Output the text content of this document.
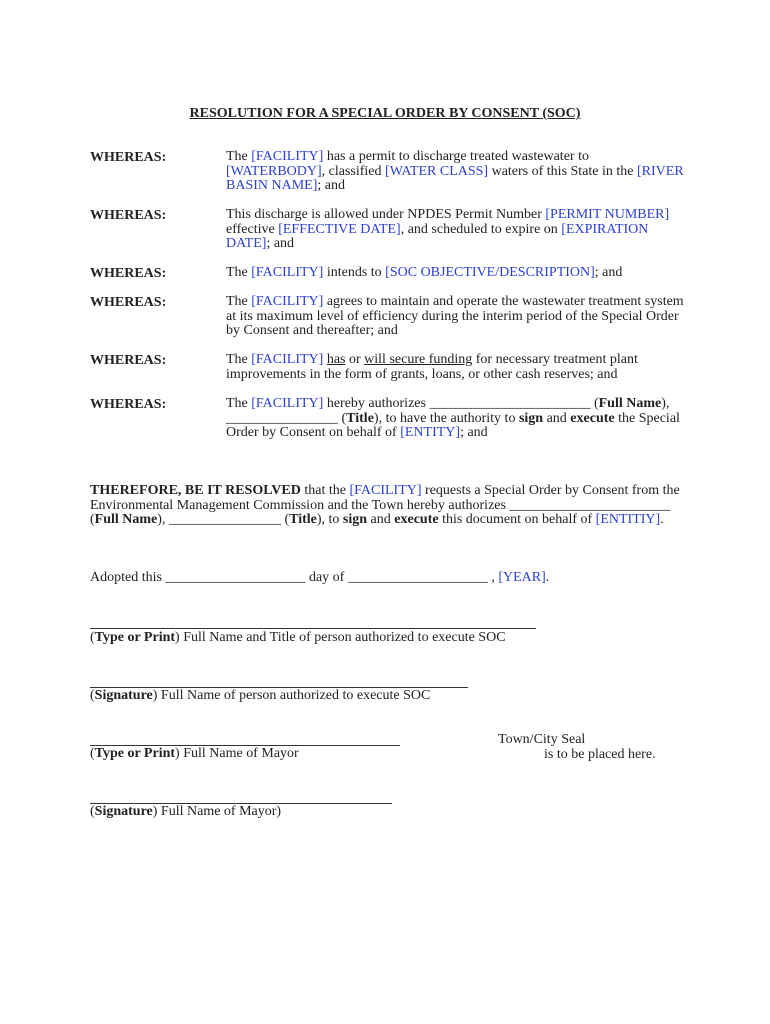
RESOLUTION FOR A SPECIAL ORDER BY CONSENT (SOC)
WHEREAS:	The [FACILITY] has a permit to discharge treated wastewater to [WATERBODY], classified [WATER CLASS] waters of this State in the [RIVER BASIN NAME]; and
WHEREAS:	This discharge is allowed under NPDES Permit Number [PERMIT NUMBER] effective [EFFECTIVE DATE], and scheduled to expire on [EXPIRATION DATE]; and
WHEREAS:	The [FACILITY] intends to [SOC OBJECTIVE/DESCRIPTION]; and
WHEREAS:	The [FACILITY] agrees to maintain and operate the wastewater treatment system at its maximum level of efficiency during the interim period of the Special Order by Consent and thereafter; and
WHEREAS:	The [FACILITY] has or will secure funding for necessary treatment plant improvements in the form of grants, loans, or other cash reserves; and
WHEREAS:	The [FACILITY] hereby authorizes _______________________ (Full Name), ________________ (Title), to have the authority to sign and execute the Special Order by Consent on behalf of [ENTITY]; and
THEREFORE, BE IT RESOLVED that the [FACILITY] requests a Special Order by Consent from the Environmental Management Commission and the Town hereby authorizes _______________________ (Full Name), ________________ (Title), to sign and execute this document on behalf of [ENTITIY].
Adopted this ____________________ day of ____________________ , [YEAR].
(Type or Print) Full Name and Title of person authorized to execute SOC
(Signature) Full Name of person authorized to execute SOC
(Type or Print) Full Name of Mayor
(Signature) Full Name of Mayor)
Town/City Seal
is to be placed here.
